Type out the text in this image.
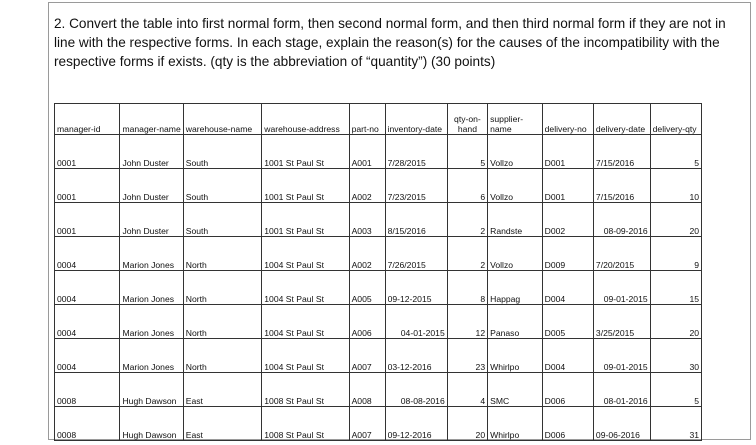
2. Convert the table into first normal form, then second normal form, and then third normal form if they are not in line with the respective forms. In each stage, explain the reason(s) for the causes of the incompatibility with the respective forms if exists. (qty is the abbreviation of “quantity”) (30 points)
manager-id	manager-name	warehouse-name	warehouse-address	part-no	inventory-date	qty-on-hand	supplier-name	delivery-no	delivery-date	delivery-qty
0001	John Duster	South	1001 St Paul St	A001	7/28/2015	5	Vollzo	D001	7/15/2016	5
0001	John Duster	South	1001 St Paul St	A002	7/23/2015	6	Vollzo	D001	7/15/2016	10
0001	John Duster	South	1001 St Paul St	A003	8/15/2016	2	Randste	D002	08-09-2016	20
0004	Marion Jones	North	1004 St Paul St	A002	7/26/2015	2	Vollzo	D009	7/20/2015	9
0004	Marion Jones	North	1004 St Paul St	A005	09-12-2015	8	Happag	D004	09-01-2015	15
0004	Marion Jones	North	1004 St Paul St	A006	04-01-2015	12	Panaso	D005	3/25/2015	20
0004	Marion Jones	North	1004 St Paul St	A007	03-12-2016	23	Whirlpo	D004	09-01-2015	30
0008	Hugh Dawson	East	1008 St Paul St	A008	08-08-2016	4	SMC	D006	08-01-2016	5
0008	Hugh Dawson	East	1008 St Paul St	A007	09-12-2016	20	Whirlpo	D006	09-06-2016	31
